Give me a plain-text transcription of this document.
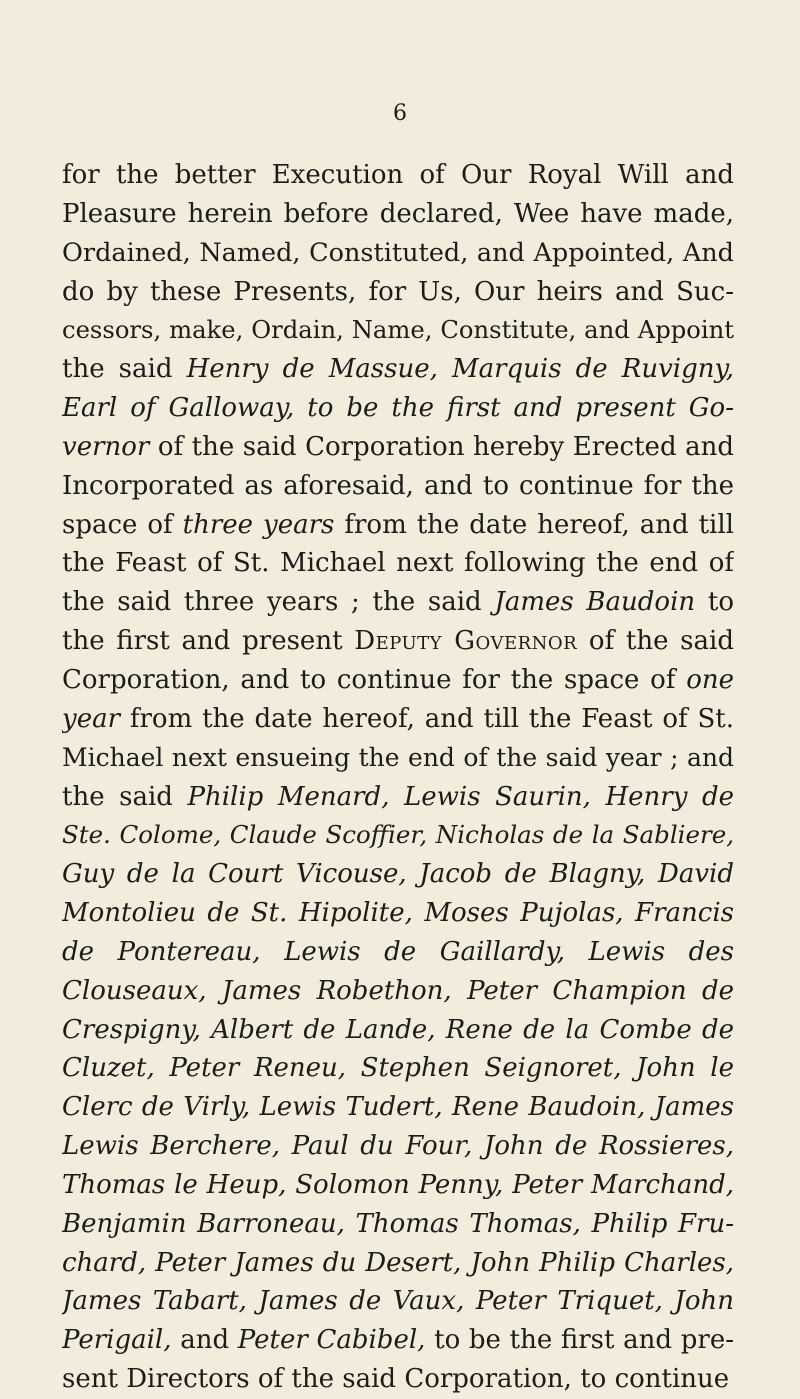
6
for the better Execution of Our Royal Will and
Pleasure herein before declared, Wee have made,
Ordained, Named, Constituted, and Appointed, And
do by these Presents, for Us, Our heirs and Suc-
cessors, make, Ordain, Name, Constitute, and Appoint
the said Henry de Massue, Marquis de Ruvigny,
Earl of Galloway, to be the first and present Go-
vernor of the said Corporation hereby Erected and
Incorporated as aforesaid, and to continue for the
space of three years from the date hereof, and till
the Feast of St. Michael next following the end of
the said three years ; the said James Baudoin to
the first and present Deputy Governor of the said
Corporation, and to continue for the space of one
year from the date hereof, and till the Feast of St.
Michael next ensueing the end of the said year ; and
the said Philip Menard, Lewis Saurin, Henry de
Ste. Colome, Claude Scoffier, Nicholas de la Sabliere,
Guy de la Court Vicouse, Jacob de Blagny, David
Montolieu de St. Hipolite, Moses Pujolas, Francis
de Pontereau, Lewis de Gaillardy, Lewis des
Clouseaux, James Robethon, Peter Champion de
Crespigny, Albert de Lande, Rene de la Combe de
Cluzet, Peter Reneu, Stephen Seignoret, John le
Clerc de Virly, Lewis Tudert, Rene Baudoin, James
Lewis Berchere, Paul du Four, John de Rossieres,
Thomas le Heup, Solomon Penny, Peter Marchand,
Benjamin Barroneau, Thomas Thomas, Philip Fru-
chard, Peter James du Desert, John Philip Charles,
James Tabart, James de Vaux, Peter Triquet, John
Perigail, and Peter Cabibel, to be the first and pre-
sent Directors of the said Corporation, to continue
